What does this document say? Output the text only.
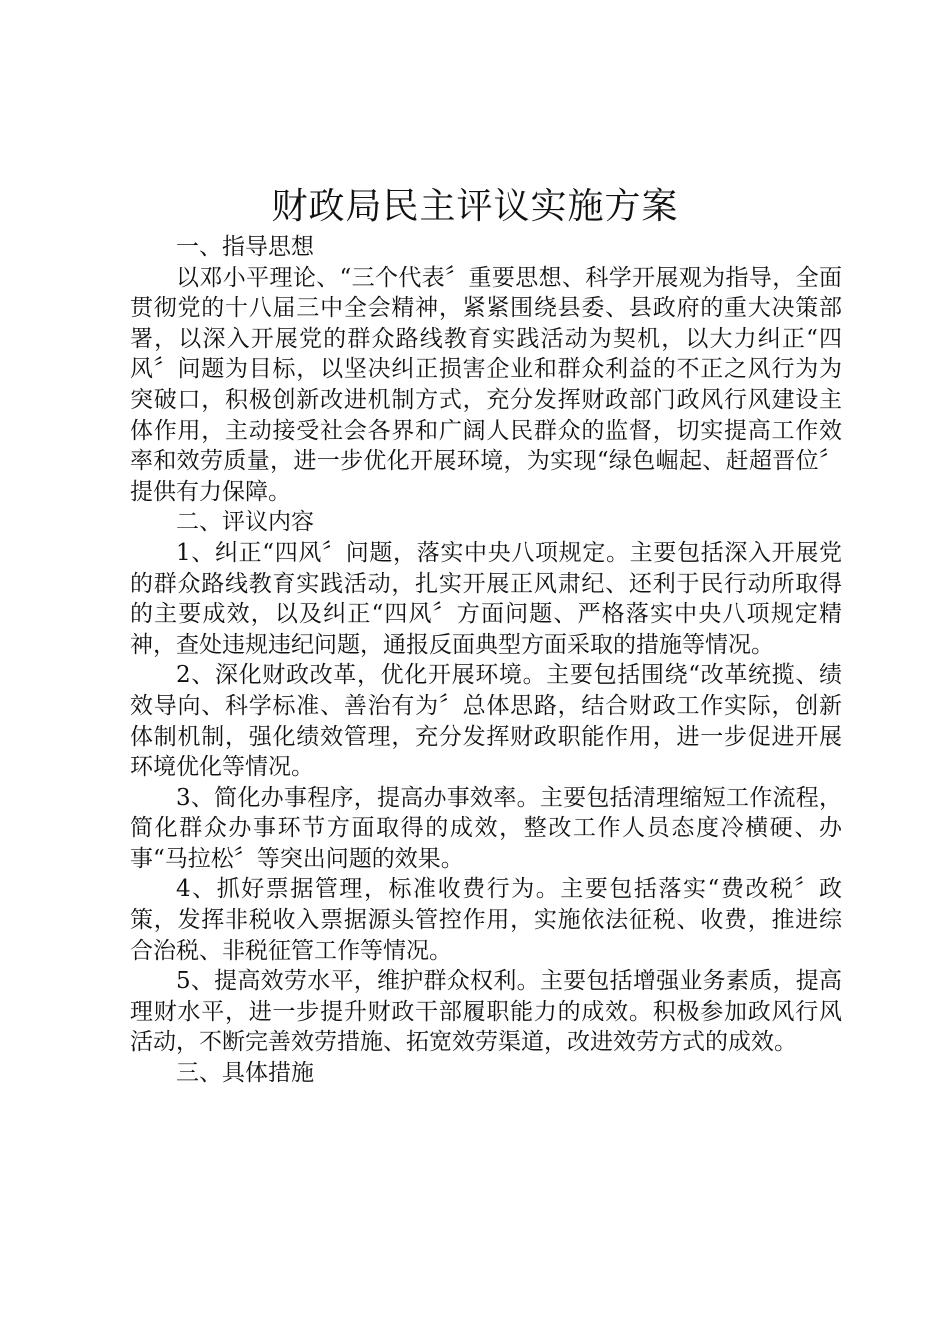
财政局民主评议实施方案

一、指导思想

以邓小平理论、“三个代表〞重要思想、科学开展观为指导，全面贯彻党的十八届三中全会精神，紧紧围绕县委、县政府的重大决策部署，以深入开展党的群众路线教育实践活动为契机，以大力纠正“四风〞问题为目标，以坚决纠正损害企业和群众利益的不正之风行为为突破口，积极创新改进机制方式，充分发挥财政部门政风行风建设主体作用，主动接受社会各界和广阔人民群众的监督，切实提高工作效率和效劳质量，进一步优化开展环境，为实现“绿色崛起、赶超晋位〞提供有力保障。

二、评议内容

1、纠正“四风〞问题，落实中央八项规定。主要包括深入开展党的群众路线教育实践活动，扎实开展正风肃纪、还利于民行动所取得的主要成效，以及纠正“四风〞方面问题、严格落实中央八项规定精神，查处违规违纪问题，通报反面典型方面采取的措施等情况。

2、深化财政改革，优化开展环境。主要包括围绕“改革统揽、绩效导向、科学标准、善治有为〞总体思路，结合财政工作实际，创新体制机制，强化绩效管理，充分发挥财政职能作用，进一步促进开展环境优化等情况。

3、简化办事程序，提高办事效率。主要包括清理缩短工作流程，简化群众办事环节方面取得的成效，整改工作人员态度冷横硬、办事“马拉松〞等突出问题的效果。

4、抓好票据管理，标准收费行为。主要包括落实“费改税〞政策，发挥非税收入票据源头管控作用，实施依法征税、收费，推进综合治税、非税征管工作等情况。

5、提高效劳水平，维护群众权利。主要包括增强业务素质，提高理财水平，进一步提升财政干部履职能力的成效。积极参加政风行风活动，不断完善效劳措施、拓宽效劳渠道，改进效劳方式的成效。

三、具体措施
